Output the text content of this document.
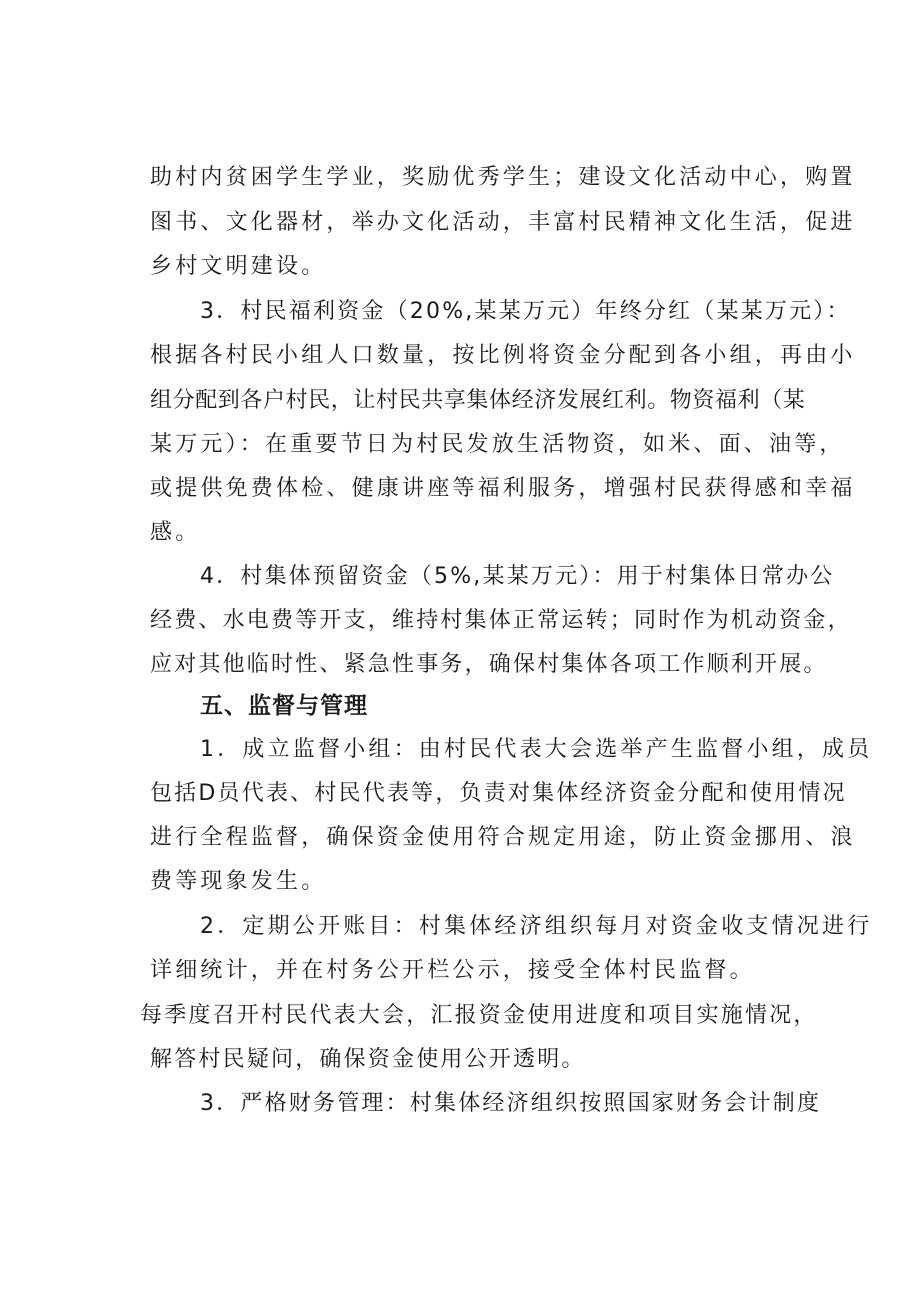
助村内贫困学生学业，奖励优秀学生；建设文化活动中心，购置
图书、文化器材，举办文化活动，丰富村民精神文化生活，促进
乡村文明建设。
3．村民福利资金（20%,某某万元）年终分红（某某万元）：
根据各村民小组人口数量，按比例将资金分配到各小组，再由小
组分配到各户村民，让村民共享集体经济发展红利。物资福利（某
某万元）：在重要节日为村民发放生活物资，如米、面、油等，
或提供免费体检、健康讲座等福利服务，增强村民获得感和幸福
感。
4．村集体预留资金（5%,某某万元）：用于村集体日常办公
经费、水电费等开支，维持村集体正常运转；同时作为机动资金，
应对其他临时性、紧急性事务，确保村集体各项工作顺利开展。
五、监督与管理
1．成立监督小组：由村民代表大会选举产生监督小组，成员
包括D员代表、村民代表等，负责对集体经济资金分配和使用情况
进行全程监督，确保资金使用符合规定用途，防止资金挪用、浪
费等现象发生。
2．定期公开账目：村集体经济组织每月对资金收支情况进行
详细统计，并在村务公开栏公示，接受全体村民监督。
每季度召开村民代表大会，汇报资金使用进度和项目实施情况，
解答村民疑问，确保资金使用公开透明。
3．严格财务管理：村集体经济组织按照国家财务会计制度
